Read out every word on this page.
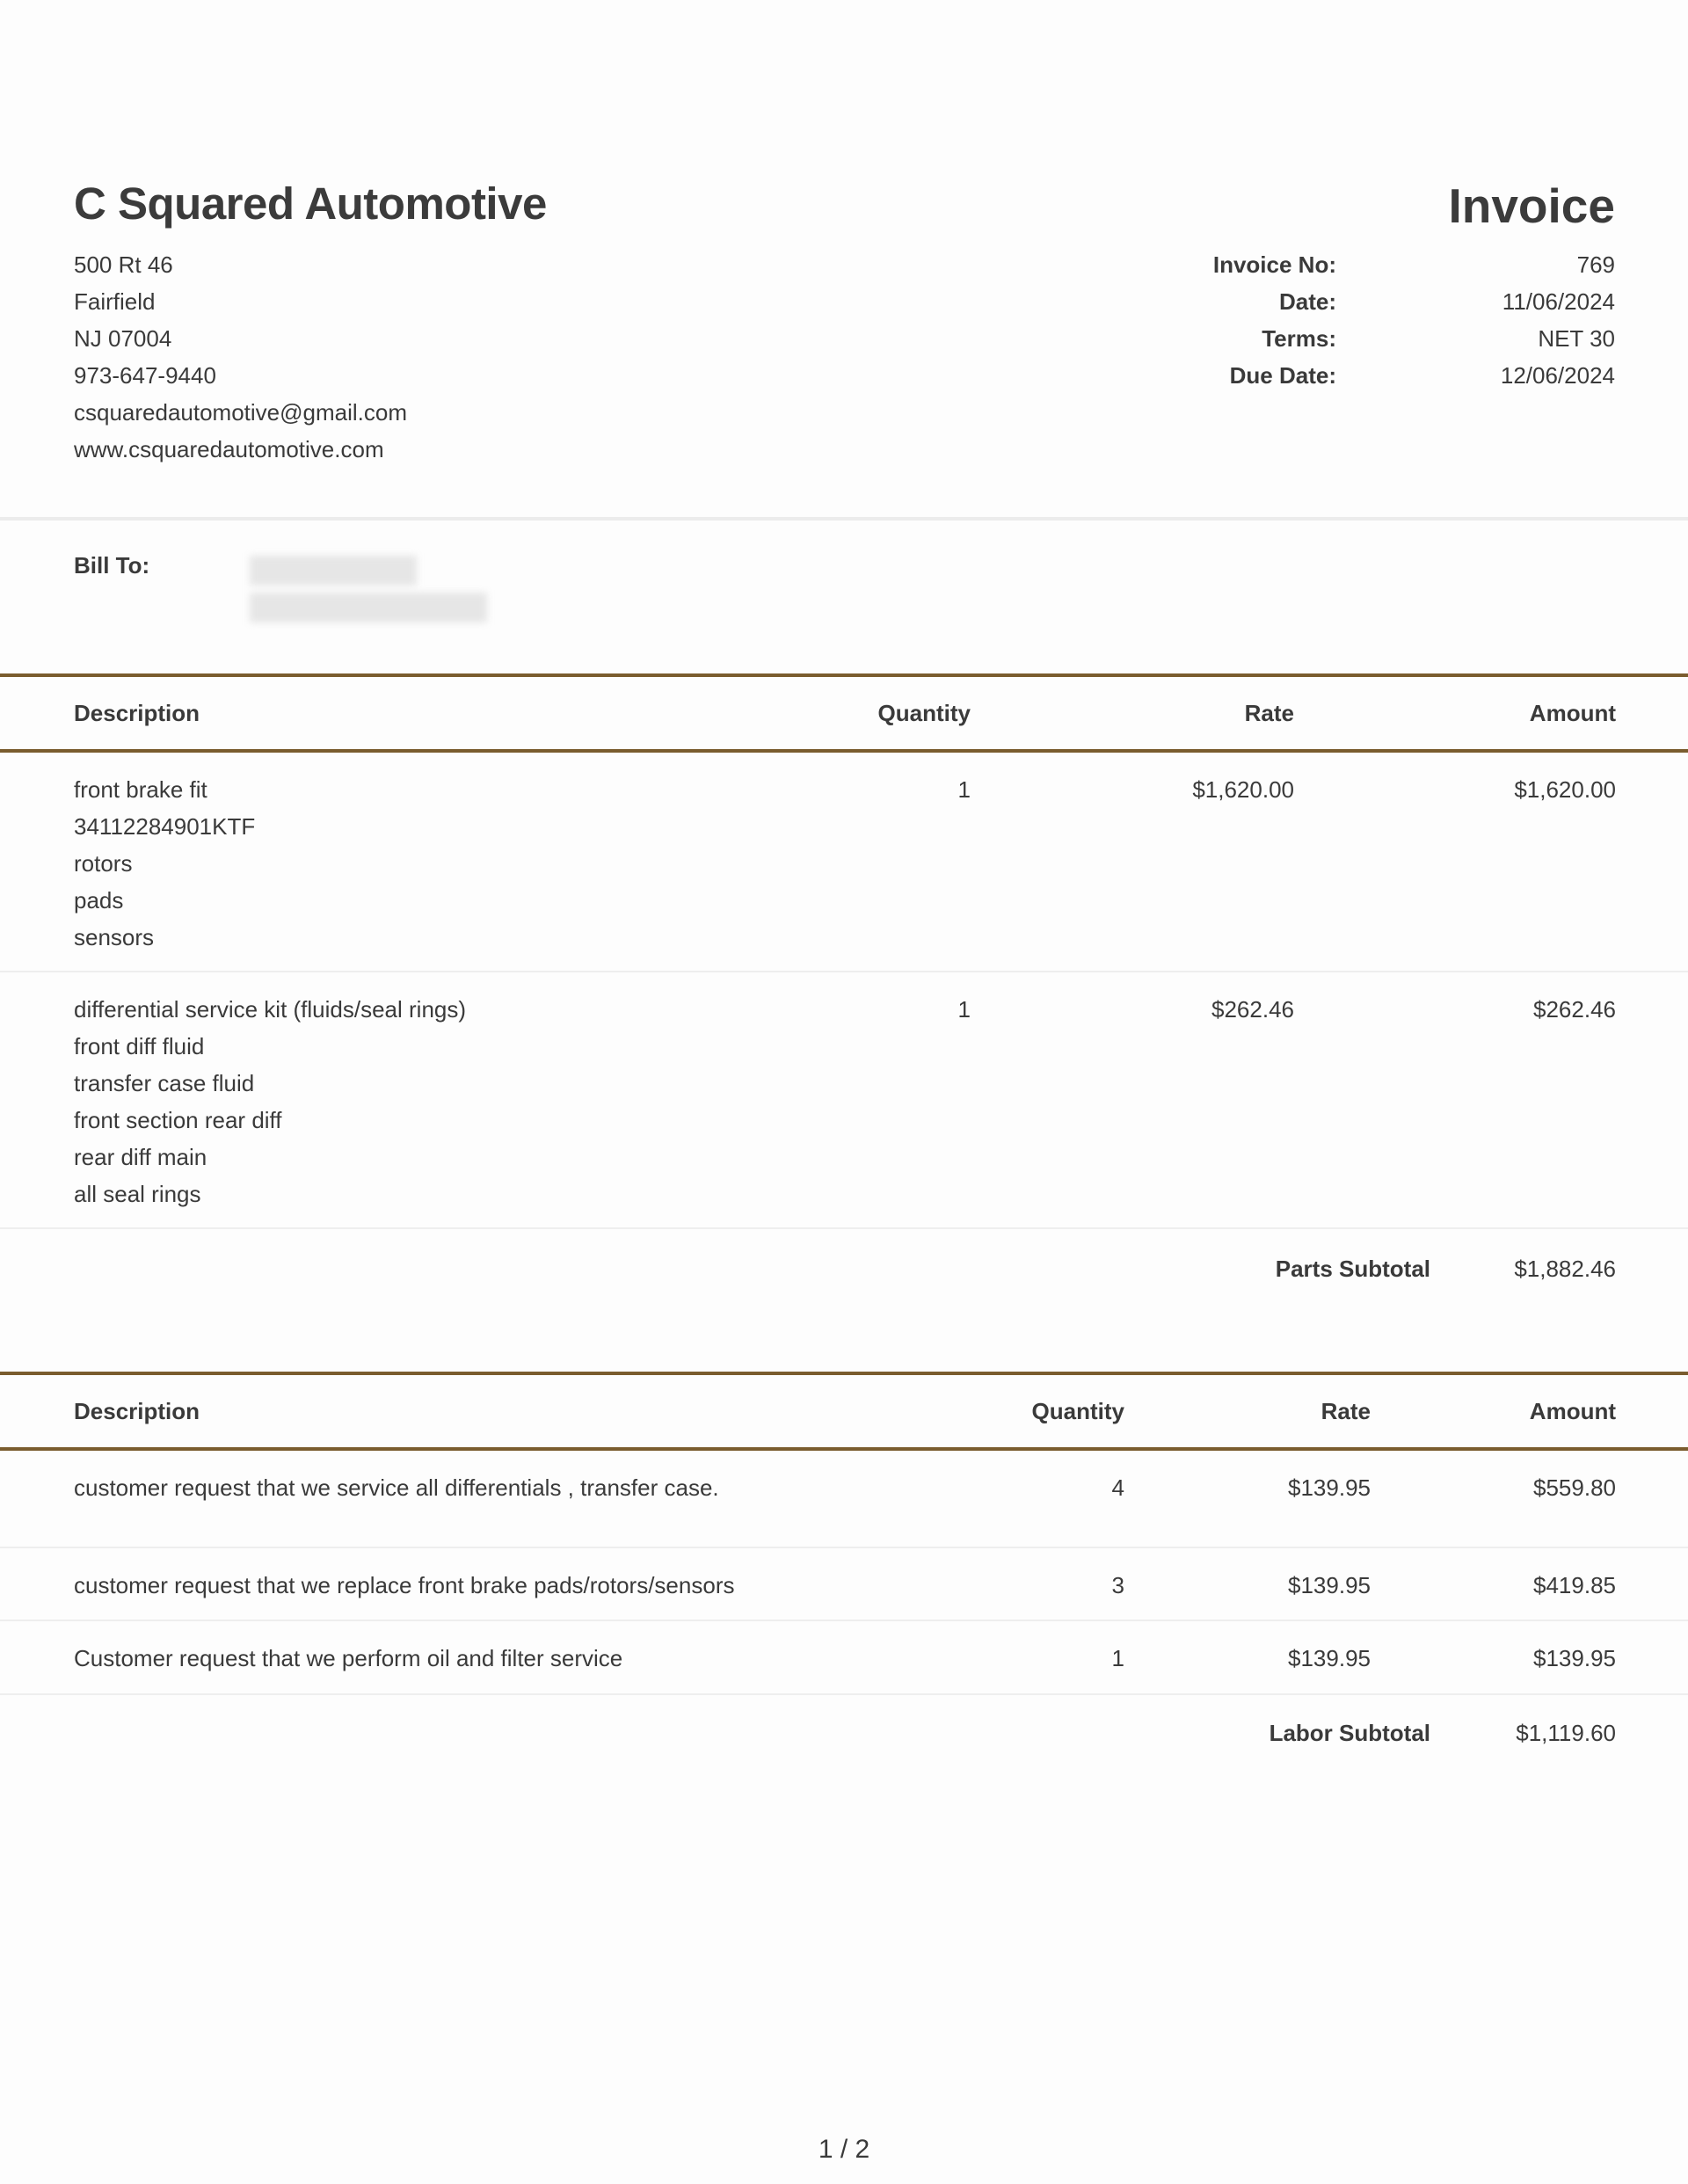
C Squared Automotive	Invoice
500 Rt 46
Fairfield
NJ 07004
973-647-9440
csquaredautomotive@gmail.com
www.csquaredautomotive.com
Invoice No:	769
Date:	11/06/2024
Terms:	NET 30
Due Date:	12/06/2024
Bill To:
Description	Quantity	Rate	Amount
front brake fit
34112284901KTF
rotors
pads
sensors
1	$1,620.00	$1,620.00
differential service kit (fluids/seal rings)
front diff fluid
transfer case fluid
front section rear diff
rear diff main
all seal rings
1	$262.46	$262.46
Parts Subtotal	$1,882.46
Description	Quantity	Rate	Amount
customer request that we service all differentials , transfer case.	4	$139.95	$559.80
customer request that we replace front brake pads/rotors/sensors	3	$139.95	$419.85
Customer request that we perform oil and filter service	1	$139.95	$139.95
Labor Subtotal	$1,119.60
1 / 2
